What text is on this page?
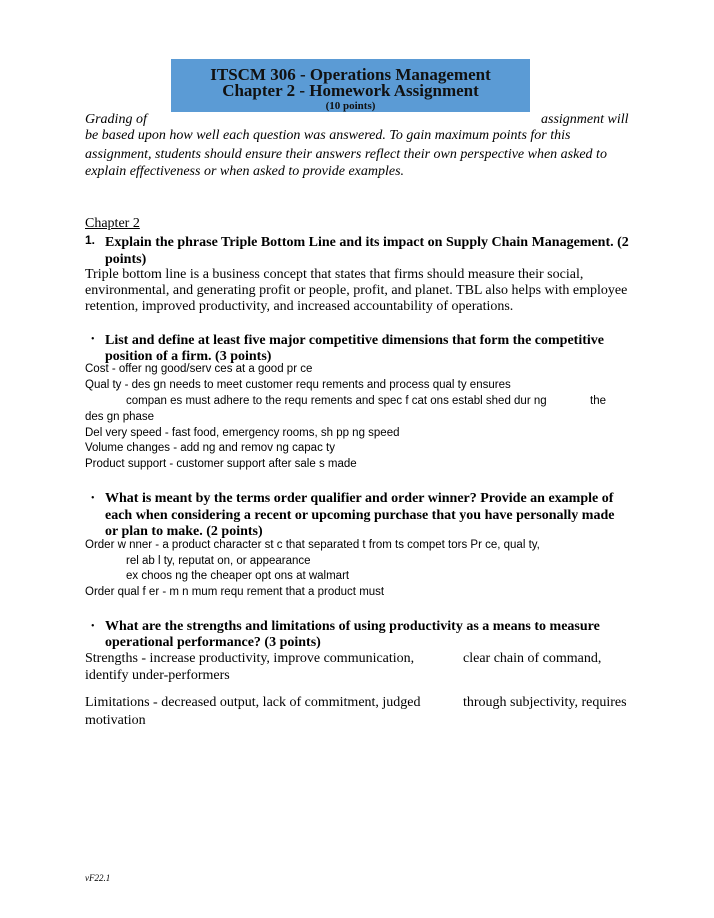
ITSCM 306 - Operations Management
Chapter 2 - Homework Assignment
(10 points)
Grading of	assignment will
be based upon how well each question was answered. To gain maximum points for this
assignment, students should ensure their answers reflect their own perspective when asked to
explain effectiveness or when asked to provide examples.
Chapter 2
1. Explain the phrase Triple Bottom Line and its impact on Supply Chain Management. (2
points)
Triple bottom line is a business concept that states that firms should measure their social,
environmental, and generating profit or people, profit, and planet. TBL also helps with employee
retention, improved productivity, and increased accountability of operations.
• List and define at least five major competitive dimensions that form the competitive
position of a firm. (3 points)
Cost - offer ng good/serv ces at a good pr ce
Qual ty - des gn needs to meet customer requ rements and process qual ty ensures
compan es must adhere to the requ rements and spec f cat ons establ shed dur ng	the
des gn phase
Del very speed - fast food, emergency rooms, sh pp ng speed
Volume changes - add ng and remov ng capac ty
Product support - customer support after sale s made
• What is meant by the terms order qualifier and order winner? Provide an example of
each when considering a recent or upcoming purchase that you have personally made
or plan to make. (2 points)
Order w nner - a product character st c that separated t from ts compet tors Pr ce, qual ty,
rel ab l ty, reputat on, or appearance
ex choos ng the cheaper opt ons at walmart
Order qual f er - m n mum requ rement that a product must
• What are the strengths and limitations of using productivity as a means to measure
operational performance? (3 points)
Strengths - increase productivity, improve communication,	clear chain of command,
identify under-performers
Limitations - decreased output, lack of commitment, judged	through subjectivity, requires
motivation
vF22.1
